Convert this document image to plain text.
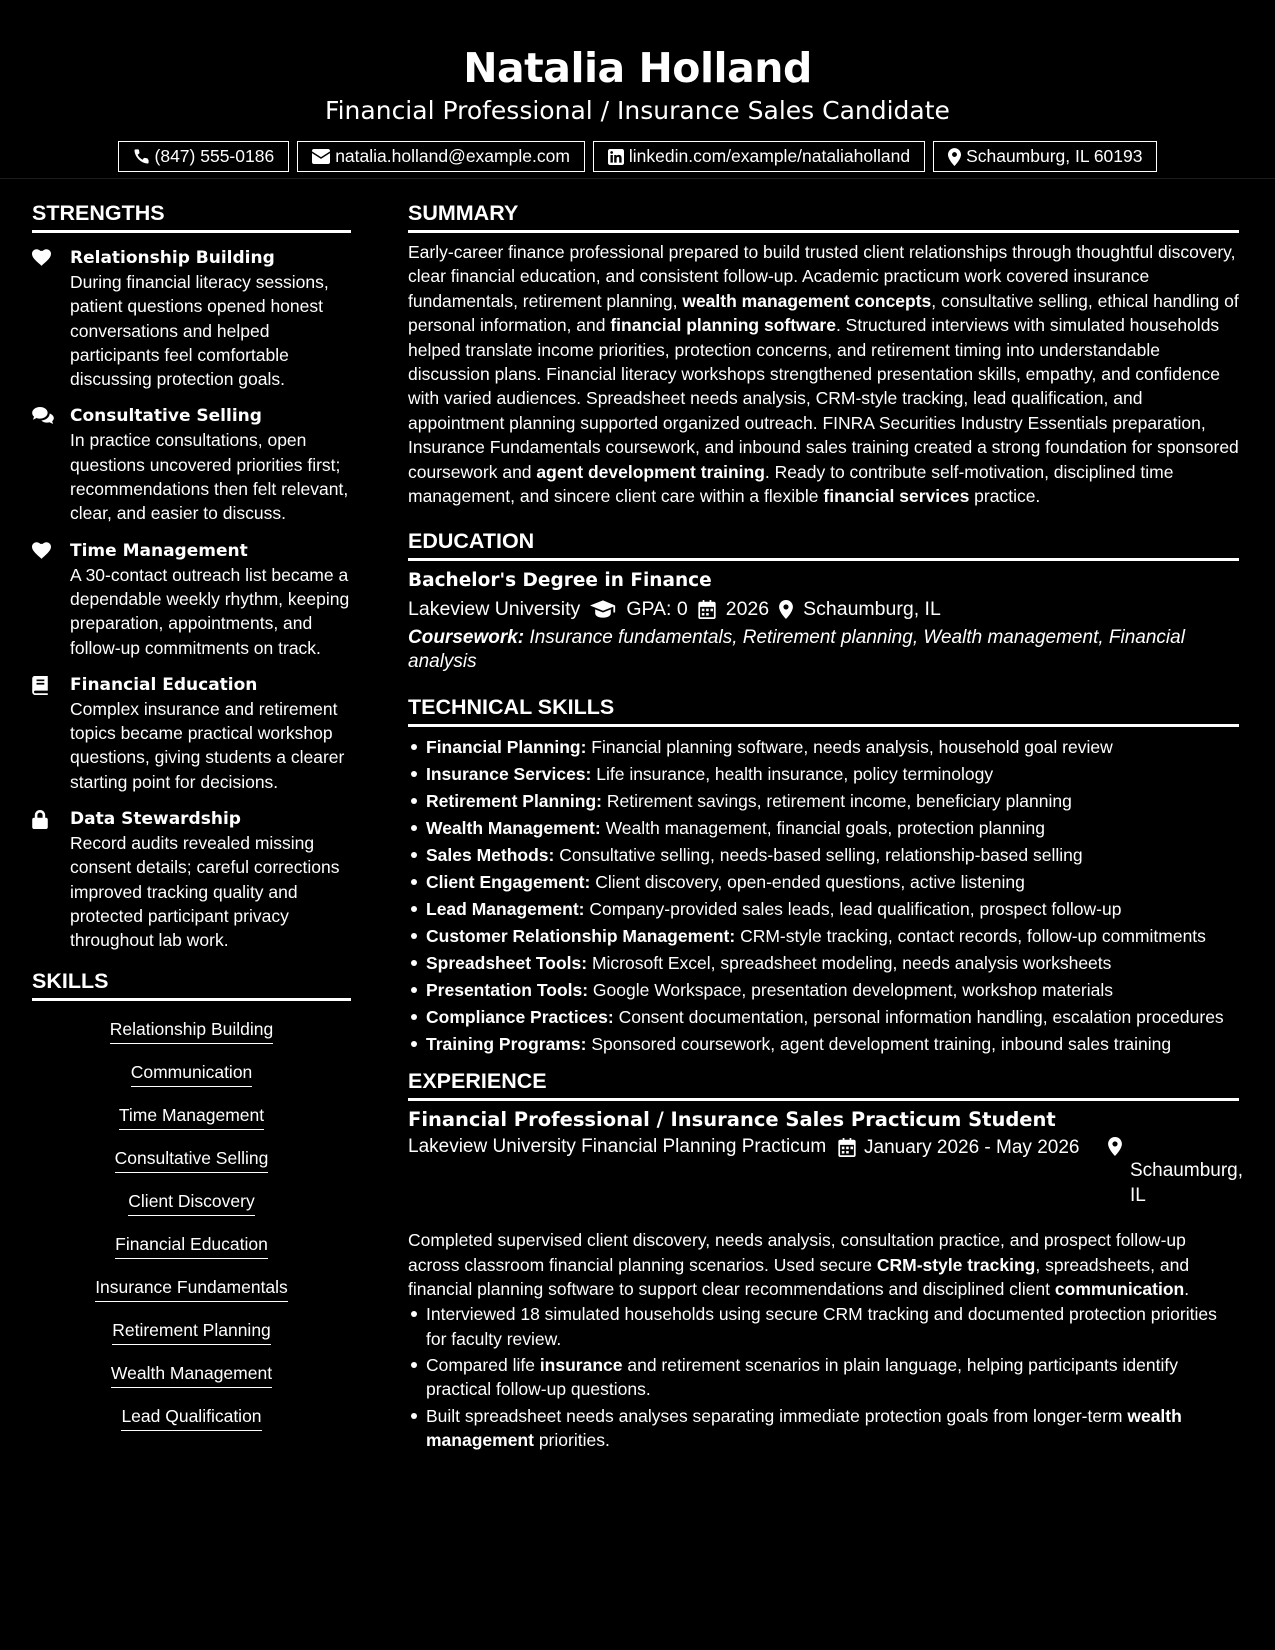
Natalia Holland
Financial Professional / Insurance Sales Candidate
(847) 555-0186	natalia.holland@example.com	linkedin.com/example/nataliaholland	Schaumburg, IL 60193
STRENGTHS
Relationship Building
During financial literacy sessions, patient questions opened honest conversations and helped participants feel comfortable discussing protection goals.
Consultative Selling
In practice consultations, open questions uncovered priorities first; recommendations then felt relevant, clear, and easier to discuss.
Time Management
A 30-contact outreach list became a dependable weekly rhythm, keeping preparation, appointments, and follow-up commitments on track.
Financial Education
Complex insurance and retirement topics became practical workshop questions, giving students a clearer starting point for decisions.
Data Stewardship
Record audits revealed missing consent details; careful corrections improved tracking quality and protected participant privacy throughout lab work.
SKILLS
Relationship Building
Communication
Time Management
Consultative Selling
Client Discovery
Financial Education
Insurance Fundamentals
Retirement Planning
Wealth Management
Lead Qualification
SUMMARY

Early-career finance professional prepared to build trusted client relationships through thoughtful discovery, clear financial education, and consistent follow-up. Academic practicum work covered insurance fundamentals, retirement planning, wealth management concepts, consultative selling, ethical handling of personal information, and financial planning software. Structured interviews with simulated households helped translate income priorities, protection concerns, and retirement timing into understandable discussion plans. Financial literacy workshops strengthened presentation skills, empathy, and confidence with varied audiences. Spreadsheet needs analysis, CRM-style tracking, lead qualification, and appointment planning supported organized outreach. FINRA Securities Industry Essentials preparation, Insurance Fundamentals coursework, and inbound sales training created a strong foundation for sponsored coursework and agent development training. Ready to contribute self-motivation, disciplined time management, and sincere client care within a flexible financial services practice.

EDUCATION
Bachelor's Degree in Finance
Lakeview University GPA: 0 2026 Schaumburg, IL
Coursework: Insurance fundamentals, Retirement planning, Wealth management, Financial analysis
TECHNICAL SKILLS
Financial Planning: Financial planning software, needs analysis, household goal review
Insurance Services: Life insurance, health insurance, policy terminology
Retirement Planning: Retirement savings, retirement income, beneficiary planning
Wealth Management: Wealth management, financial goals, protection planning
Sales Methods: Consultative selling, needs-based selling, relationship-based selling
Client Engagement: Client discovery, open-ended questions, active listening
Lead Management: Company-provided sales leads, lead qualification, prospect follow-up
Customer Relationship Management: CRM-style tracking, contact records, follow-up commitments
Spreadsheet Tools: Microsoft Excel, spreadsheet modeling, needs analysis worksheets
Presentation Tools: Google Workspace, presentation development, workshop materials
Compliance Practices: Consent documentation, personal information handling, escalation procedures
Training Programs: Sponsored coursework, agent development training, inbound sales training
EXPERIENCE
Financial Professional / Insurance Sales Practicum Student
Lakeview University Financial Planning Practicum	January 2026 - May 2026
Schaumburg, IL

Completed supervised client discovery, needs analysis, consultation practice, and prospect follow-up across classroom financial planning scenarios. Used secure CRM-style tracking, spreadsheets, and financial planning software to support clear recommendations and disciplined client communication.

Interviewed 18 simulated households using secure CRM tracking and documented protection priorities for faculty review.
Compared life insurance and retirement scenarios in plain language, helping participants identify practical follow-up questions.
Built spreadsheet needs analyses separating immediate protection goals from longer-term wealth management priorities.
